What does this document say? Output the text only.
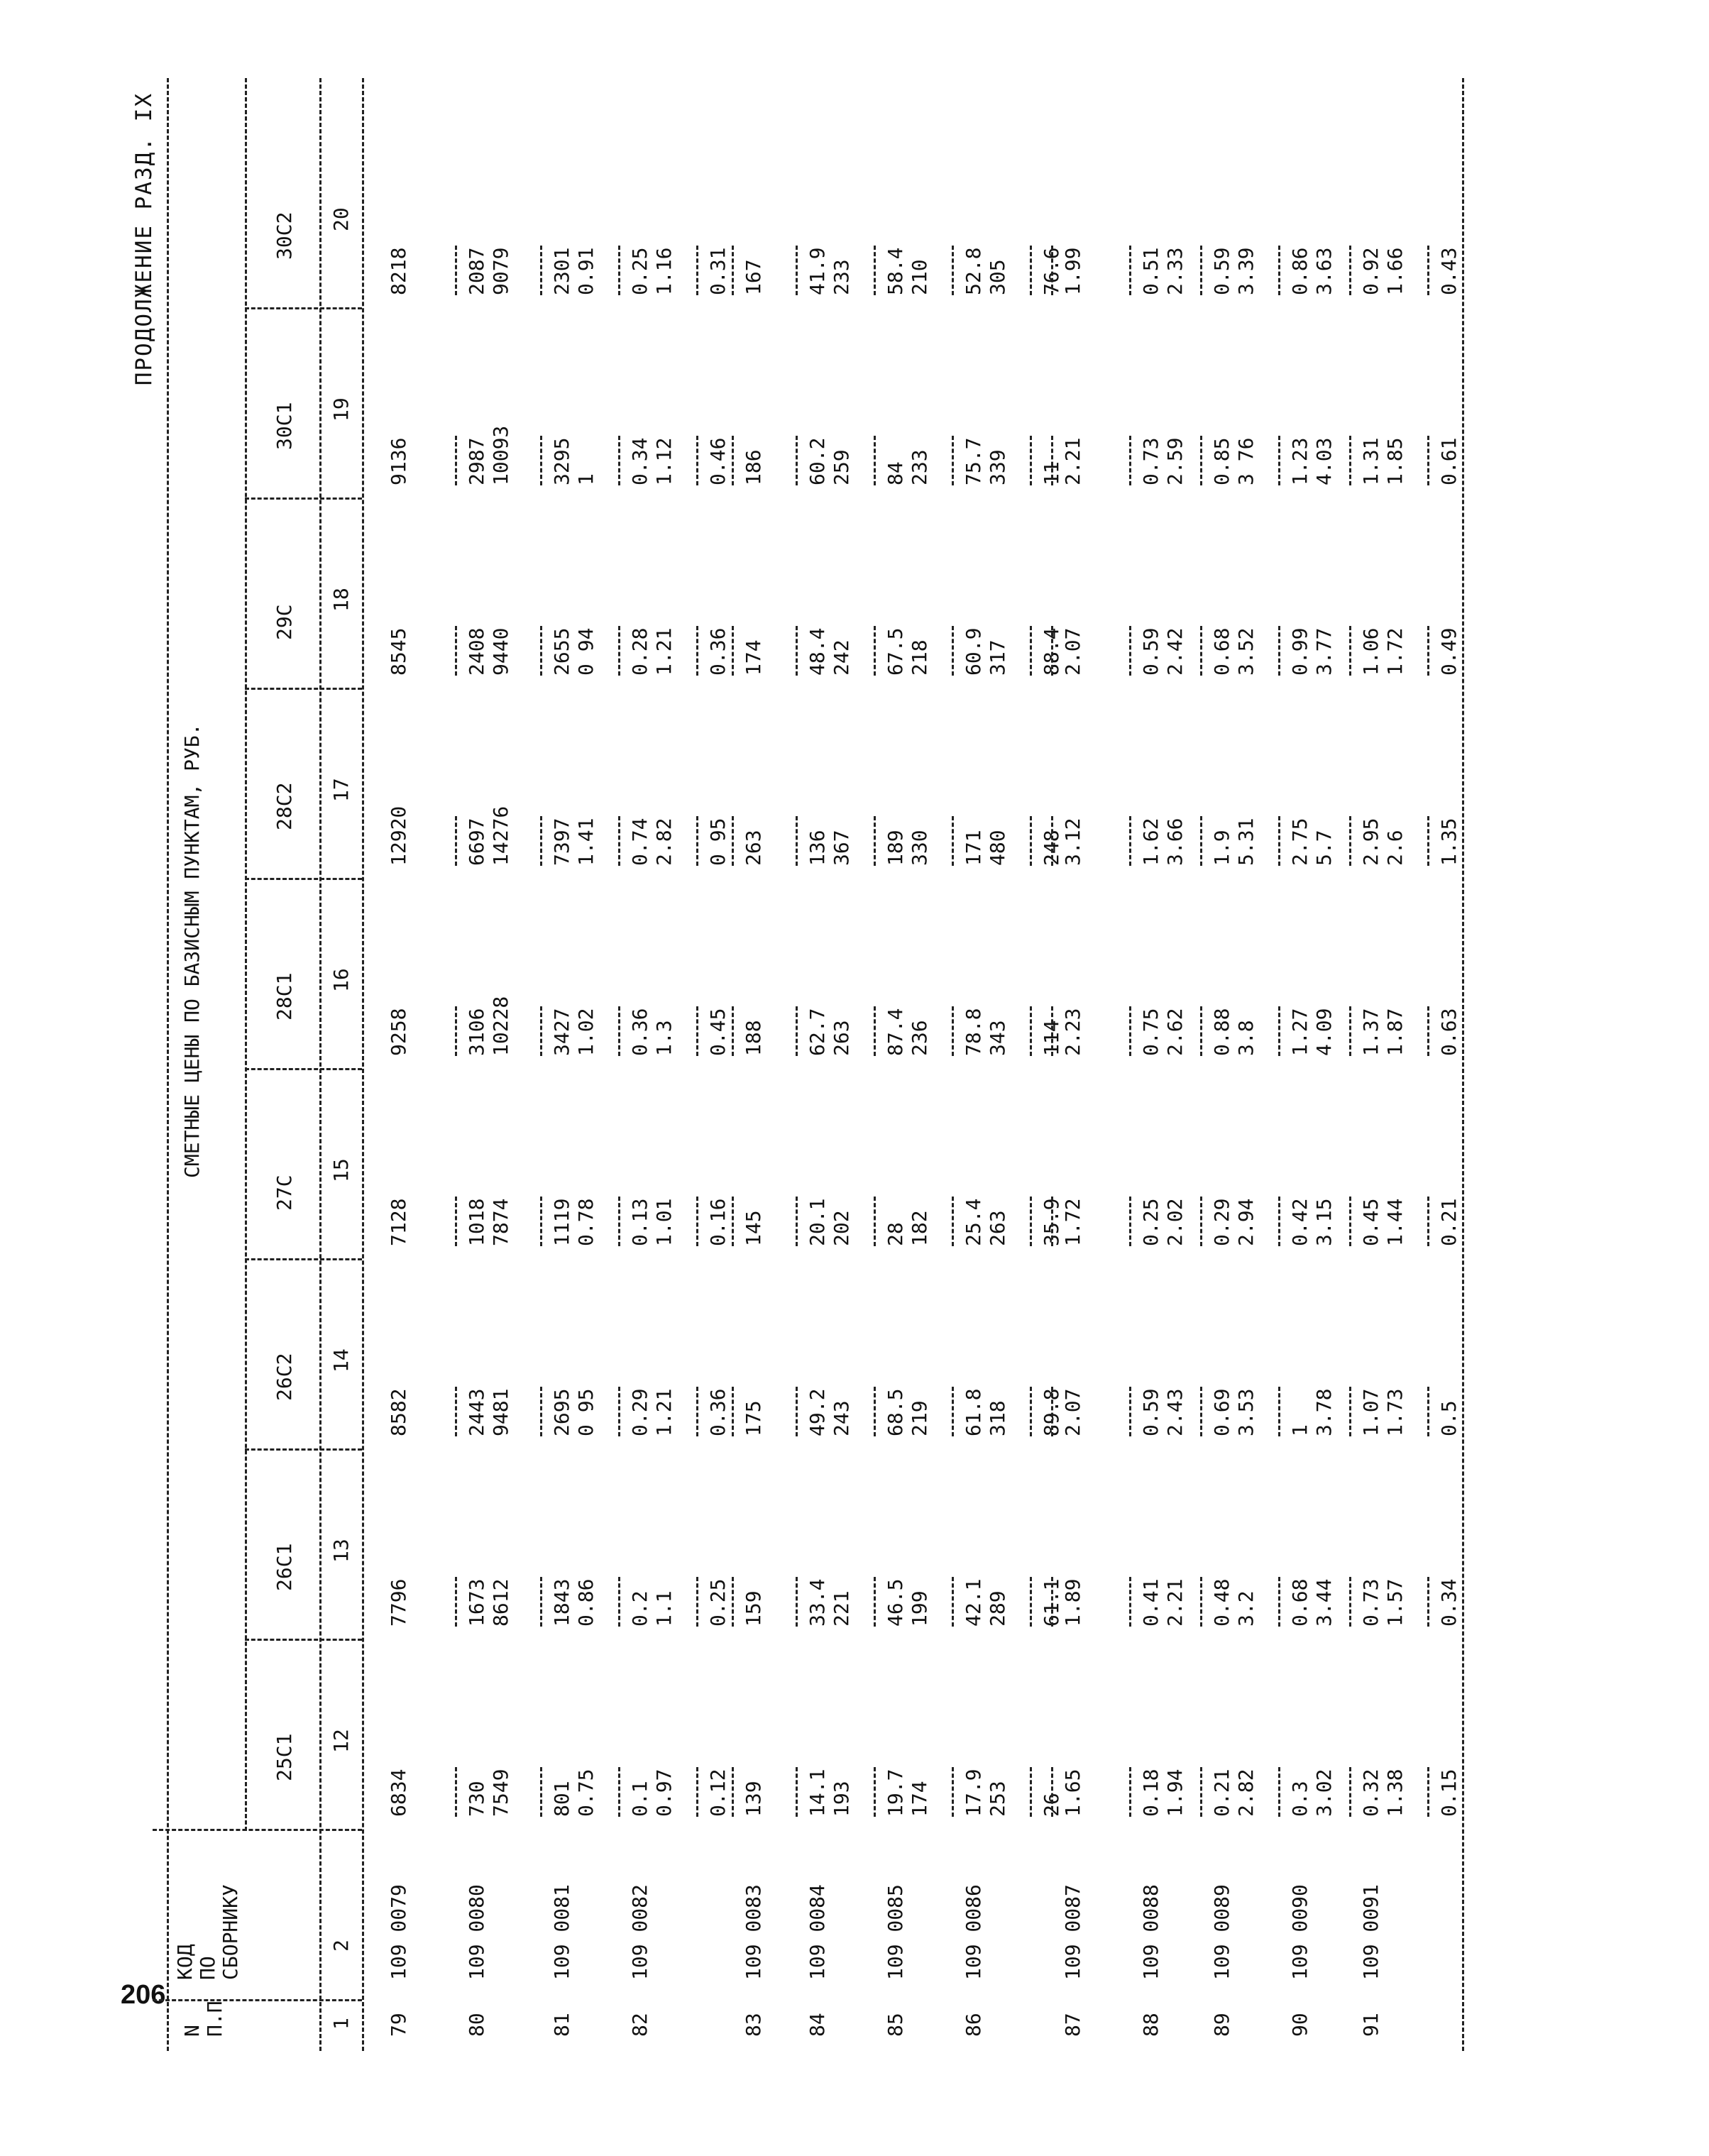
206
ПРОДОЛЖЕНИЕ РАЗД. IX
N
П.П
КОД
ПО
СБОРНИКУ
СМЕТНЫЕ ЦЕНЫ ПО БАЗИСНЫМ ПУНКТАМ, РУБ.
25С1
26С1
26С2
27С
28С1
28С2
29С
30С1
30С2
1
2
12
13
14
15
16
17
18
19
20
79
109 0079
6834
7796
8582
7128
9258
12920
8545
9136
8218
730 7549
1673 8612
2443 9481
1018 7874
3106 10228
6697 14276
2408 9440
2987 10093
2087 9079
80
109 0080
81
109 0081
801 0.75
1843 0.86
2695 0 95
1119 0.78
3427 1.02
7397 1.41
2655 0 94
3295 1
2301 0.91
82
109 0082
0.1 0.97
0.2 1.1
0.29 1.21
0.13 1.01
0.36 1.3
0.74 2.82
0.28 1.21
0.34 1.12
0.25 1.16
0.12
0.25
0.36
0.16
0.45
0 95
0.36
0.46
0.31
83
109 0083
139
159
175
145
188
263
174
186
167
84
109 0084
14.1 193
33.4 221
49.2 243
20.1 202
62.7 263
136 367
48.4 242
60.2 259
41.9 233
85
109 0085
19.7 174
46.5 199
68.5 219
28 182
87.4 236
189 330
67.5 218
84 233
58.4 210
86
109 0086
17.9 253
42.1 289
61.8 318
25.4 263
78.8 343
171 480
60.9 317
75.7 339
52.8 305
26
61.1
89.8
35.9
114
248
88.4
11
76.6
87
109 0087
1.65
1.89
2.07
1.72
2.23
3.12
2.07
2.21
1.99
88
109 0088
0.18 1.94
0.41 2.21
0.59 2.43
0.25 2.02
0.75 2.62
1.62 3.66
0.59 2.42
0.73 2.59
0.51 2.33
89
109 0089
0.21 2.82
0.48 3.2
0.69 3.53
0.29 2.94
0.88 3.8
1.9 5.31
0.68 3.52
0.85 3 76
0.59 3.39
90
109 0090
0.3 3.02
0.68 3.44
1 3.78
0.42 3.15
1.27 4.09
2.75 5.7
0.99 3.77
1.23 4.03
0.86 3.63
91
109 0091
0.32 1.38
0.73 1.57
1.07 1.73
0.45 1.44
1.37 1.87
2.95 2.6
1.06 1.72
1.31 1.85
0.92 1.66
0.15
0.34
0.5
0.21
0.63
1.35
0.49
0.61
0.43
